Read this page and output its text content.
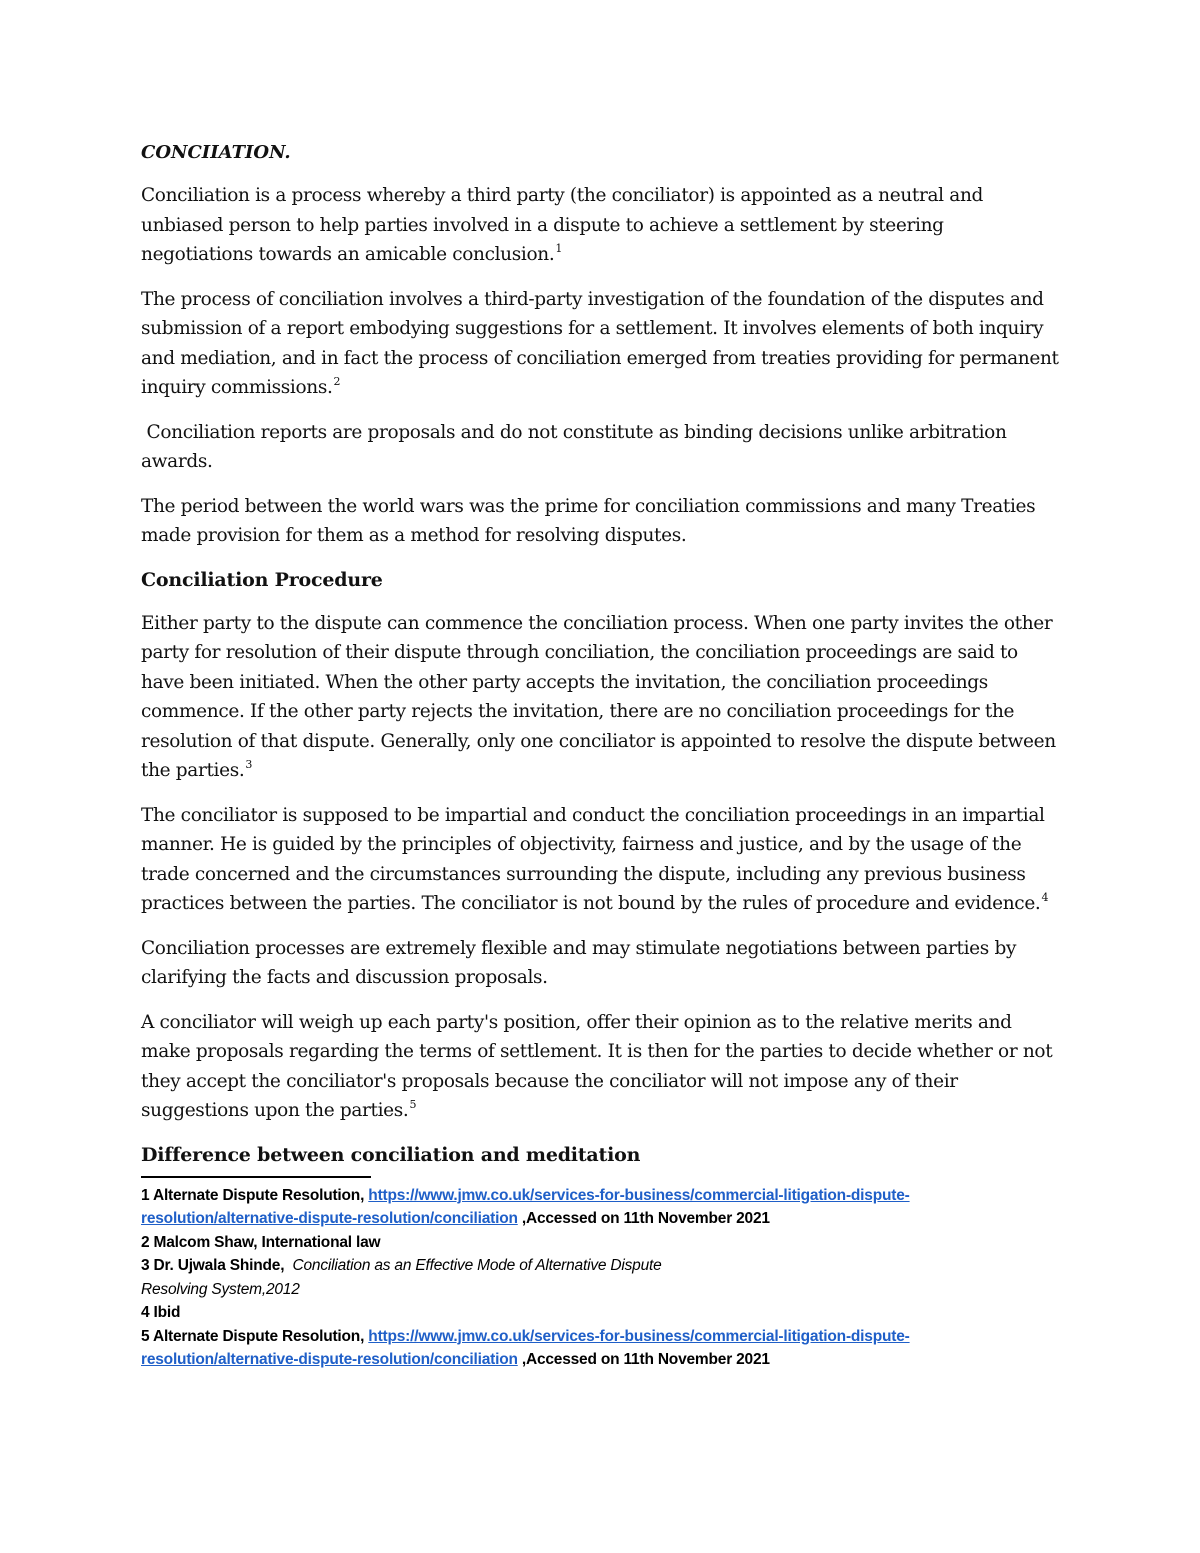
CONCIIATION.

Conciliation is a process whereby a third party (the conciliator) is appointed as a neutral and unbiased person to help parties involved in a dispute to achieve a settlement by steering negotiations towards an amicable conclusion.$^1$

The process of conciliation involves a third-party investigation of the foundation of the disputes and submission of a report embodying suggestions for a settlement. It involves elements of both inquiry and mediation, and in fact the process of conciliation emerged from treaties providing for permanent inquiry commissions.$^2$

Conciliation reports are proposals and do not constitute as binding decisions unlike arbitration awards.

The period between the world wars was the prime for conciliation commissions and many Treaties made provision for them as a method for resolving disputes.

Conciliation Procedure

Either party to the dispute can commence the conciliation process. When one party invites the other party for resolution of their dispute through conciliation, the conciliation proceedings are said to have been initiated. When the other party accepts the invitation, the conciliation proceedings commence. If the other party rejects the invitation, there are no conciliation proceedings for the resolution of that dispute. Generally, only one conciliator is appointed to resolve the dispute between the parties.$^3$

The conciliator is supposed to be impartial and conduct the conciliation proceedings in an impartial manner. He is guided by the principles of objectivity, fairness and justice, and by the usage of the trade concerned and the circumstances surrounding the dispute, including any previous business practices between the parties. The conciliator is not bound by the rules of procedure and evidence.$^4$

Conciliation processes are extremely flexible and may stimulate negotiations between parties by clarifying the facts and discussion proposals.

A conciliator will weigh up each party's position, offer their opinion as to the relative merits and make proposals regarding the terms of settlement. It is then for the parties to decide whether or not they accept the conciliator's proposals because the conciliator will not impose any of their suggestions upon the parties.$^5$

Difference between conciliation and meditation
1 Alternate Dispute Resolution, https://www.jmw.co.uk/services-for-business/commercial-litigation-dispute-resolution/alternative-dispute-resolution/conciliation ,Accessed on 11th November 2021
2 Malcom Shaw, International law
3 Dr. Ujwala Shinde,  Conciliation as an Effective Mode of Alternative Dispute
Resolving System,2012
4 Ibid
5 Alternate Dispute Resolution, https://www.jmw.co.uk/services-for-business/commercial-litigation-dispute-resolution/alternative-dispute-resolution/conciliation ,Accessed on 11th November 2021
